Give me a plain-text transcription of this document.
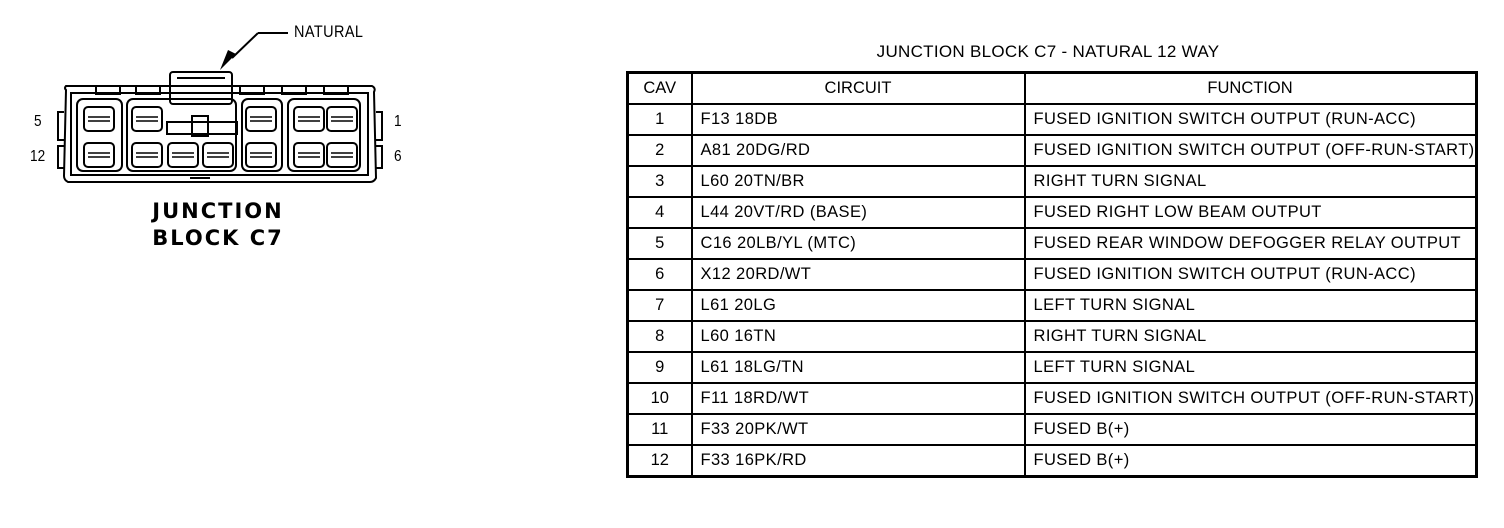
NATURAL
5
12
1
6
JUNCTION
BLOCK C7
JUNCTION BLOCK C7 - NATURAL 12 WAY
CAV	CIRCUIT	FUNCTION
1	F13 18DB	FUSED IGNITION SWITCH OUTPUT (RUN-ACC)
2	A81 20DG/RD	FUSED IGNITION SWITCH OUTPUT (OFF-RUN-START)
3	L60 20TN/BR	RIGHT TURN SIGNAL
4	L44 20VT/RD (BASE)	FUSED RIGHT LOW BEAM OUTPUT
5	C16 20LB/YL (MTC)	FUSED REAR WINDOW DEFOGGER RELAY OUTPUT
6	X12 20RD/WT	FUSED IGNITION SWITCH OUTPUT (RUN-ACC)
7	L61 20LG	LEFT TURN SIGNAL
8	L60 16TN	RIGHT TURN SIGNAL
9	L61 18LG/TN	LEFT TURN SIGNAL
10	F11 18RD/WT	FUSED IGNITION SWITCH OUTPUT (OFF-RUN-START)
11	F33 20PK/WT	FUSED B(+)
12	F33 16PK/RD	FUSED B(+)
